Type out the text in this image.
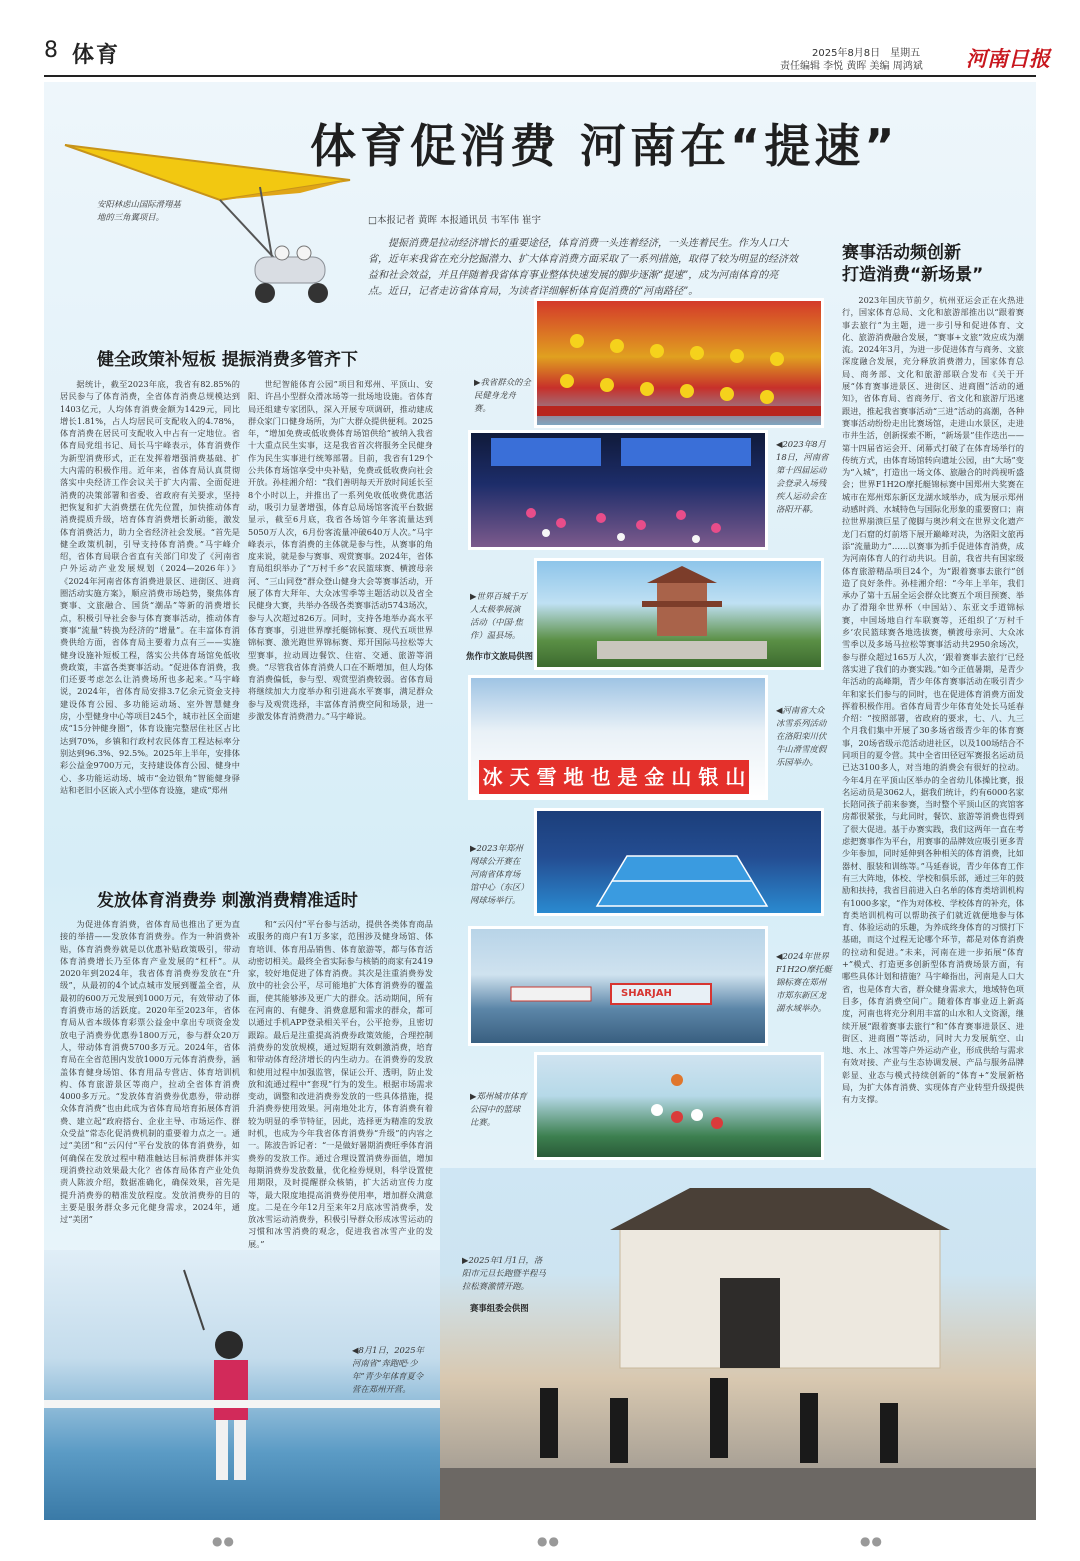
8 体育	2025年8月8日　星期五
责任编辑 李悦 黄晖 美编 周鸿斌 河南日报
安阳林虑山国际滑翔基地的三角翼项目。
体育促消费 河南在“提速”
□本报记者 黄晖 本报通讯员 韦军伟 崔宇
提振消费是拉动经济增长的重要途径，体育消费一头连着经济，一头连着民生。作为人口大省，近年来我省在充分挖掘潜力、扩大体育消费方面采取了一系列措施，取得了较为明显的经济效益和社会效益，并且伴随着我省体育事业整体快速发展的脚步逐渐“提速”，成为河南体育的亮点。近日，记者走访省体育局，为读者详细解析体育促消费的“河南路径”。
健全政策补短板 提振消费多管齐下

据统计，截至2023年底，我省有82.85%的居民参与了体育消费，全省体育消费总规模达到1403亿元，人均体育消费金额为1429元，同比增长1.81%，占人均居民可支配收入的4.78%，体育消费在居民可支配收入中占有一定地位。省体育局党组书记、局长马宇峰表示，体育消费作为新型消费形式，正在发挥着增强消费基础、扩大内需的积极作用。近年来，省体育局认真贯彻落实中央经济工作会议关于扩大内需、全面促进消费的决策部署和省委、省政府有关要求，坚持把恢复和扩大消费摆在优先位置，加快推动体育消费提质升级，培育体育消费增长新动能，激发体育消费活力，助力全省经济社会发展。“首先是健全政策机制，引导支持体育消费。”马宇峰介绍，省体育局联合省直有关部门印发了《河南省户外运动产业发展规划（2024—2026年）》《2024年河南省体育消费进景区、进街区、进商圈活动实施方案》，顺应消费市场趋势，聚焦体育赛事、文旅融合、国货“潮品”等新的消费增长点，积极引导社会参与体育赛事活动，推动体育赛事“流量”转换为经济的“增量”。在丰富体育消费供给方面，省体育局主要着力点有三——实施健身设施补短板工程，落实公共体育场馆免低收费政策，丰富各类赛事活动。“促进体育消费，我们还要考虑怎么让消费场所也多起来。”马宇峰说，2024年，省体育局安排3.7亿余元资金支持建设体育公园、多功能运动场、室外智慧健身房，小型健身中心等项目245个，城市社区全面建成“15分钟健身圈”，体育设施完整居住社区占比达到70%，乡镇和行政村农民体育工程达标率分别达到96.3%、92.5%。2025年上半年，安排体彩公益金9700万元，支持建设体育公园、健身中心、多功能运动场、城市“金边银角”智能健身驿站和老旧小区嵌入式小型体育设施，建成“郑州

世纪智能体育公园”项目和郑州、平顶山、安阳、许昌小型群众滑冰场等一批场地设施。省体育局还组建专家团队，深入开展专项调研，推动建成群众家门口健身场所，为广大群众提供便利。2025年，“增加免费或低收费体育场馆供给”被纳入我省十大重点民生实事，这是我省首次将服务全民健身作为民生实事进行统筹部署。目前，我省有129个公共体育场馆享受中央补贴，免费或低收费向社会开放。孙桂湘介绍：“我们善明每天开放时间延长至8个小时以上，并推出了一系列免收低收费优惠活动，吸引力显著增强，体育总局场馆客流平台数据显示，截至6月底，我省各场馆今年客流量达到5050万人次，6月份客流量冲破640万人次。”马宇峰表示，体育消费的主体就是参与性，从赛事的角度来说，就是参与赛事、观赏赛事。2024年，省体育局组织举办了“万村千乡”农民篮球赛、横渡母亲河、“三山同登”群众登山健身大会等赛事活动，开展了体育大拜年、大众冰雪季等主题活动以及省全民健身大赛，共举办各级各类赛事活动5743场次，参与人次超过826万。同时，支持各地举办高水平体育赛事，引进世界摩托艇锦标赛、现代五项世界锦标赛、激光跑世界锦标赛、郑开国际马拉松等大型赛事，拉动周边餐饮、住宿、交通、旅游等消费。“尽管我省体育消费人口在不断增加，但人均体育消费偏低，参与型、观赏型消费较弱。省体育局将继续加大力度举办和引进高水平赛事，满足群众参与及观赏选择，丰富体育消费空间和场景，进一步激发体育消费潜力。”马宇峰说。

发放体育消费券 刺激消费精准适时

为促进体育消费，省体育局也推出了更为直接的举措——发放体育消费券。作为一种消费补贴，体育消费券就是以优惠补贴政策吸引，带动体育消费增长乃至体育产业发展的“杠杆”。从2020年到2024年，我省体育消费券发放在“升级”，从最初的4个试点城市发展到覆盖全省，从最初的600万元发展到1000万元，有效带动了体育消费市场的活跃度。2020年至2023年，省体育局从省本级体育彩票公益金中拿出专项资金发放电子消费券优惠券1800万元，参与群众20万人，带动体育消费5700多万元。2024年，省体育局在全省范围内发放1000万元体育消费券，涵盖体育健身场馆、体育用品专营店、体育培训机构、体育旅游景区等商户，拉动全省体育消费4000多万元。“发放体育消费券优惠券，带动群众体育消费”也由此成为省体育局培育拓展体育消费、建立起“政府搭台、企业主导、市场运作、群众受益”常态化促消费机制的重要着力点之一。通过“美团”和“云闪付”平台发放的体育消费券，如何确保在发放过程中精准触达目标消费群体并实现消费拉动效果最大化？省体育局体育产业处负责人陈波介绍，数据准确化，确保效果，首先是提升消费券的精准发放程度。发放消费券的目的主要是服务群众多元化健身需求，2024年，通过“美团”

和“云闪付”平台参与活动，提供各类体育商品或服务的商户有1万多家，范围涉及健身场馆、体育培训、体育用品销售、体育旅游等，都与体育活动密切相关。最终全省实际参与核销的商家有2419家，较好地促进了体育消费。其次是注重消费券发放中的社会公平，尽可能地扩大体育消费券的覆盖面，使其能够涉及更广大的群众。活动期间，所有在河南的、有健身、消费意愿和需求的群众，都可以通过手机APP登录相关平台，公平抢券，且密切跟踪。最后是注重提高消费券政策效能，合理控制消费券的发放规模，通过短期有效刺激消费，培育和带动体育经济增长的内生动力。在消费券的发放和使用过程中加强监管，保证公开、透明，防止发放和流通过程中“套现”行为的发生。根据市场需求变动，调整和改进消费券发放的一些具体措施，提升消费券使用效果。河南地处北方，体育消费有着较为明显的季节特征，因此，选择更为精准的发放时机，也成为今年我省体育消费券“升级”的内容之一。陈波告诉记者：“一是做好暑期消费旺季体育消费券的发放工作。通过合理设置消费券面值，增加每期消费券发放数量，优化检券规则，科学设置使用期限，及时提醒群众核销，扩大活动宣传力度等，最大限度地提高消费券使用率，增加群众满意度。二是在今年12月至来年2月底冰雪消费季，发放冰雪运动消费券，积极引导群众形成冰雪运动的习惯和冰雪消费的观念，促进我省冰雪产业的发展。”

赛事活动频创新
打造消费“新场景”

2023年国庆节前夕，杭州亚运会正在火热进行，国家体育总局、文化和旅游部推出以“跟着赛事去旅行”为主题，进一步引导和促进体育、文化、旅游消费融合发展，“赛事+文旅”效应成为潮流。2024年3月，为进一步促进体育与商务、文旅深度融合发展，充分释放消费潜力，国家体育总局、商务部、文化和旅游部联合发布《关于开展“体育赛事进景区、进街区、进商圈”活动的通知》，省体育局、省商务厅、省文化和旅游厅迅速跟进，推起我省赛事活动“三进”活动的高潮，各种赛事活动纷纷走出比赛场馆，走进山水景区，走进市井生活，创新探索不断，“新场景”佳作迭出——第十四届省运会开、闭幕式打破了在体育场举行的传统方式，由体育场馆转向遗址公园，由“大场”变为“入城”，打造出一场文体、旅融合的时尚视听盛会；世界F1H2O摩托艇锦标赛中国郑州大奖赛在城市在郑州郑东新区龙湖水域举办，成为展示郑州动感时尚、水城特色与国际化形象的重要窗口；南拉世界崩溃巨星了傻脚与奥沙利文在世界文化遗产龙门石窟的灯前塔下展开巅峰对决，为洛阳文旅再添“流量助力”……以赛事为抓手促进体育消费，成为河南体育人的行动共识。目前，我省共有国家级体育旅游精品项目24个，为“跟着赛事去旅行”创造了良好条件。孙桂湘介绍：“今年上半年，我们承办了第十五届全运会群众比赛五个项目预赛、举办了滑翔伞世界杯（中国站）、东亚文手道锦标赛，中国场地自行车联赛等，还组织了‘万村千乡’农民篮球赛各地选拔赛，横渡母亲河、大众冰雪季以及多场马拉松等赛事活动共2950余场次，参与群众超过165万人次，‘跟着赛事去旅行’已经落实进了我们的办赛实践。”如今正值暑期，是青少年活动的高峰期，青少年体育赛事活动在吸引青少年和家长们参与的同时，也在促进体育消费方面发挥着积极作用。省体育局青少年体育处处长马延春介绍：“按照部署，省政府的要求，七、八、九三个月我们集中开展了30多场省级青少年的体育赛事，20场省级示范活动进社区，以及100场结合不同项目的夏令营。其中全省田径冠军赛报名运动员已达3100多人，对当地的消费会有很好的拉动。今年4月在平顶山区举办的全省幼儿体操比赛，报名运动员是3062人，据我们统计，约有6000名家长陪同孩子前来参赛，当时整个平顶山区的宾馆客房都很紧张，与此同时，餐饮、旅游等消费也得到了很大促进。基于办赛实践，我们这两年一直在考虑把赛事作为平台，用赛事的品牌效应吸引更多青少年参加，同时延伸到各种相关的体育消费，比如器材、服装和训练等。”马延春说，青少年体育工作有三大阵地，体校、学校和俱乐部，通过三年的鼓励和扶持，我省目前进入白名单的体育类培训机构有1000多家，“作为对体校、学校体育的补充，体育类培训机构可以帮助孩子们就近就便地参与体育、体验运动的乐趣，为养成终身体育的习惯打下基础，而这个过程无论哪个环节，都是对体育消费的拉动和促进。”未来，河南在进一步拓展“体育+”模式、打造更多创新型体育消费场景方面，有哪些具体计划和措施？马宇峰指出，河南是人口大省，也是体育大省，群众健身需求大，地域特色项目多，体育消费空间广。随着体育事业迈上新高度，河南也将充分利用丰富的山水和人文资源，继续开展“跟着赛事去旅行”和“体育赛事进景区、进街区、进商圈”等活动，同时大力发展航空、山地、水上、冰雪等户外运动产业，形成供给与需求有效对接、产业与生态协调发展、产品与服务品牌彰显、业态与模式持续创新的“体育+”发展新格局，为扩大体育消费、实现体育产业转型升级提供有力支撑。

▶我省群众的全民健身龙舟赛。
◀2023年8月18日，河南省第十四届运动会登录入场残疾人运动会在洛阳开幕。
▶世界百城千万人太极拳展演活动（中国·焦作）温县场。
焦作市文旅局供图
冰 天 雪 地 也 是 金 山 银 山
◀河南省大众冰雪系列活动在洛阳栾川伏牛山滑雪度假乐园举办。
▶2023年郑州网球公开赛在河南省体育场馆中心（东区）网球场举行。
SHARJAH
◀2024年世界F1H2O摩托艇锦标赛在郑州市郑东新区龙湖水域举办。
▶郑州城市体育公园中的篮球比赛。
▶2025年1月1日，洛阳市元旦长跑暨半程马拉松赛激情开跑。
赛事组委会供图
◀8月1日，2025年河南省“奔跑吧·少年”青少年体育夏令营在郑州开营。
●●	●●	●●
